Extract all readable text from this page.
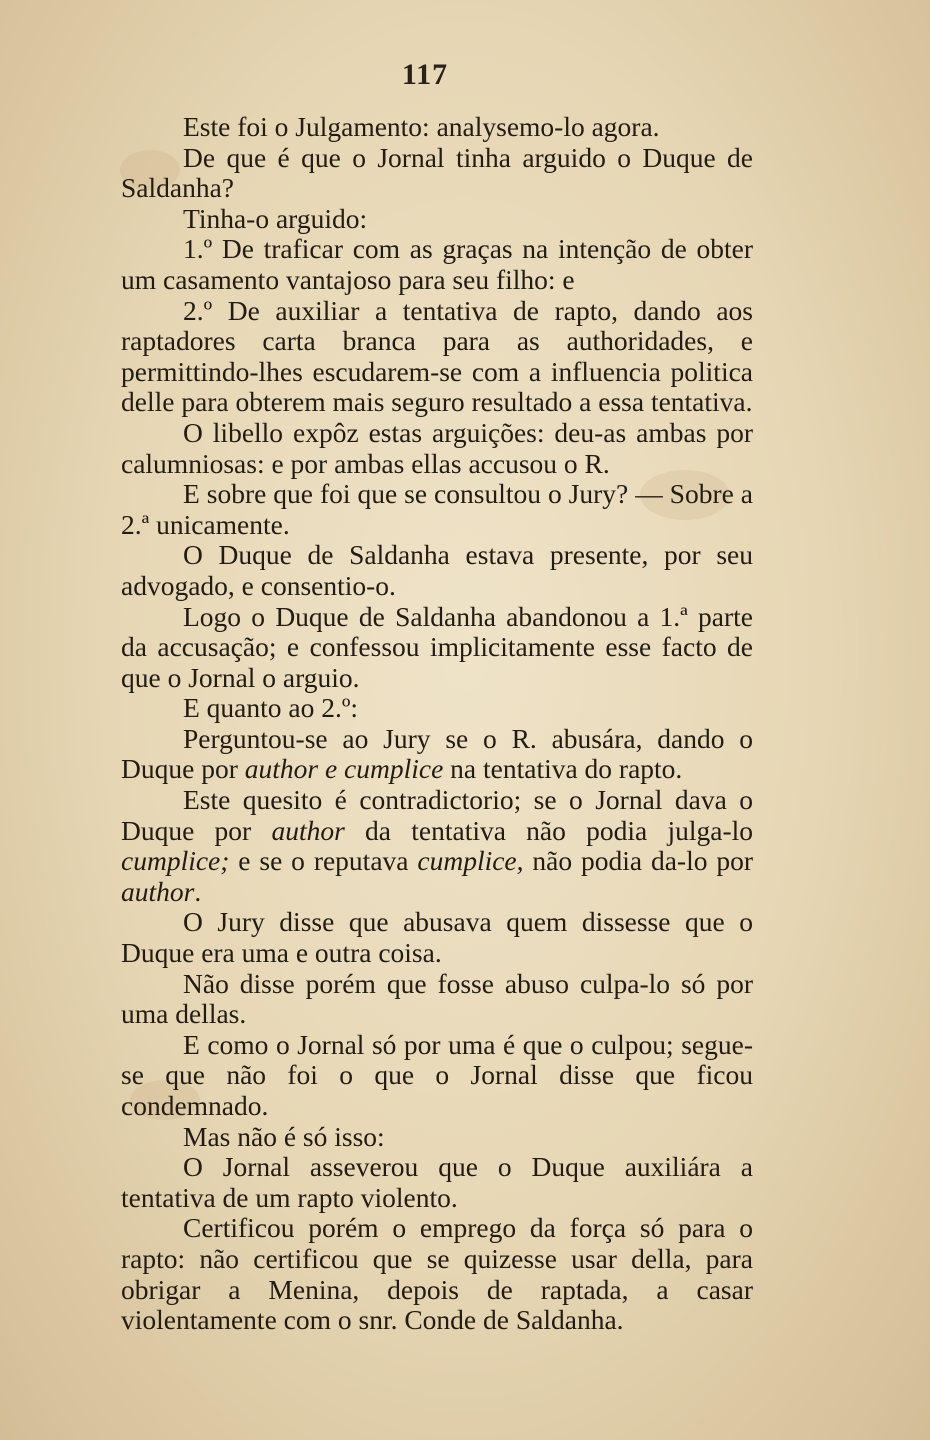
117

Este foi o Julgamento: analysemo-lo agora.

De que é que o Jornal tinha arguido o Duque de Saldanha?

Tinha-o arguido:

1.º De traficar com as graças na intenção de obter um casamento vantajoso para seu filho: e

2.º De auxiliar a tentativa de rapto, dando aos raptadores carta branca para as authoridades, e permittindo-lhes escudarem-se com a influencia politica delle para obterem mais seguro resultado a essa tentativa.

O libello expôz estas arguições: deu-as ambas por calumniosas: e por ambas ellas accusou o R.

E sobre que foi que se consultou o Jury? — Sobre a 2.ª unicamente.

O Duque de Saldanha estava presente, por seu advogado, e consentio-o.

Logo o Duque de Saldanha abandonou a 1.ª parte da accusação; e confessou implicitamente esse facto de que o Jornal o arguio.

E quanto ao 2.º:

Perguntou-se ao Jury se o R. abusára, dando o Duque por author e cumplice na tentativa do rapto.

Este quesito é contradictorio; se o Jornal dava o Duque por author da tentativa não podia julga-lo cumplice; e se o reputava cumplice, não podia da-lo por author.

O Jury disse que abusava quem dissesse que o Duque era uma e outra coisa.

Não disse porém que fosse abuso culpa-lo só por uma dellas.

E como o Jornal só por uma é que o culpou; segue-se que não foi o que o Jornal disse que ficou condemnado.

Mas não é só isso:

O Jornal asseverou que o Duque auxiliára a tentativa de um rapto violento.

Certificou porém o emprego da força só para o rapto: não certificou que se quizesse usar della, para obrigar a Menina, depois de raptada, a casar violentamente com o snr. Conde de Saldanha.
